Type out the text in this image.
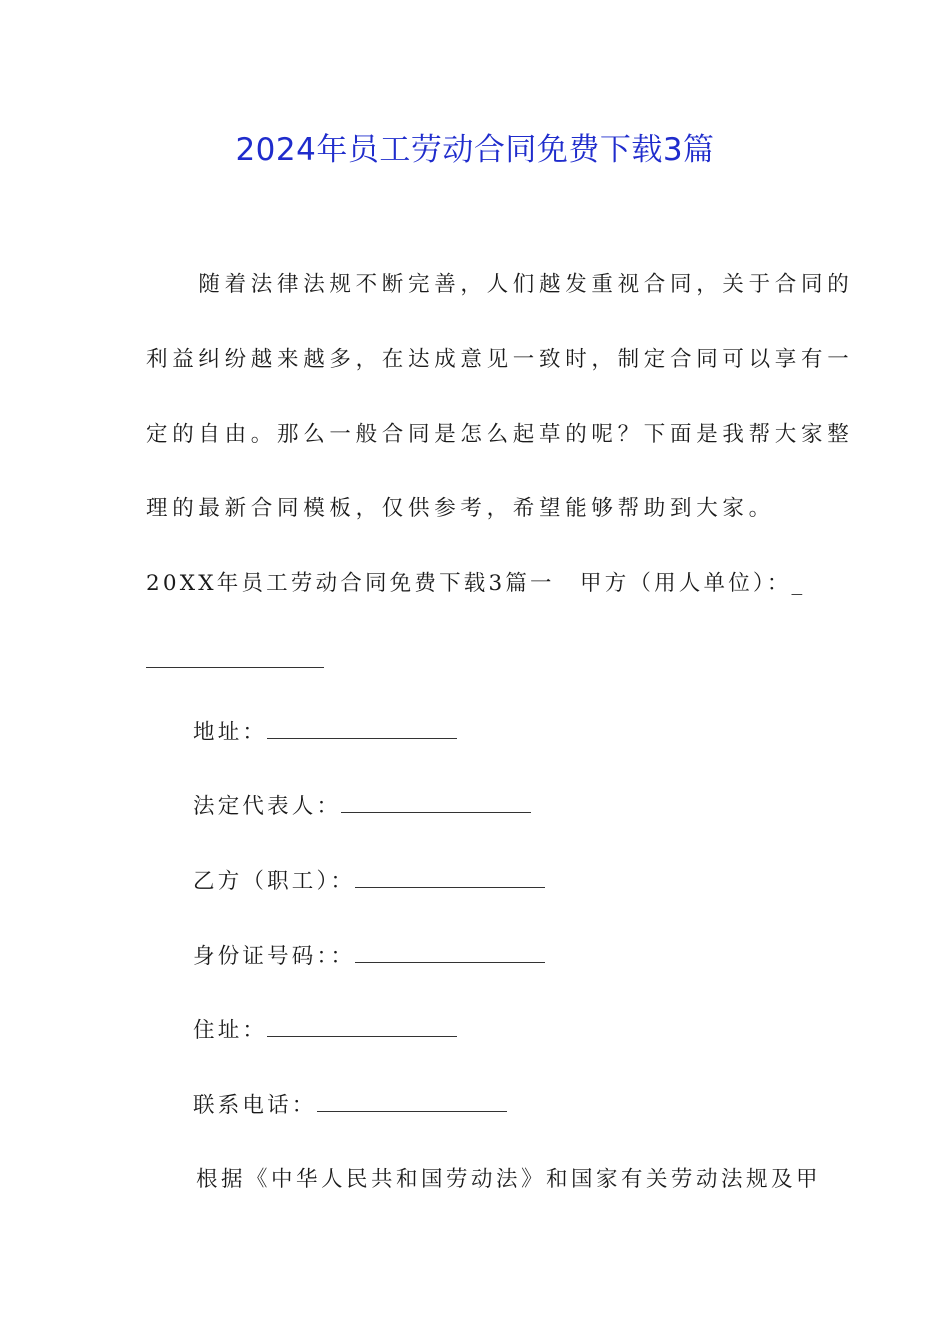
2024年员工劳动合同免费下载3篇
　　随着法律法规不断完善，人们越发重视合同，关于合同的
利益纠纷越来越多，在达成意见一致时，制定合同可以享有一
定的自由。那么一般合同是怎么起草的呢？下面是我帮大家整
理的最新合同模板，仅供参考，希望能够帮助到大家。
20XX年员工劳动合同免费下载3篇一 甲方（用人单位）：_
地址：
法定代表人：
乙方（职工）：
身份证号码：：
住址：
联系电话：
根据《中华人民共和国劳动法》和国家有关劳动法规及甲
